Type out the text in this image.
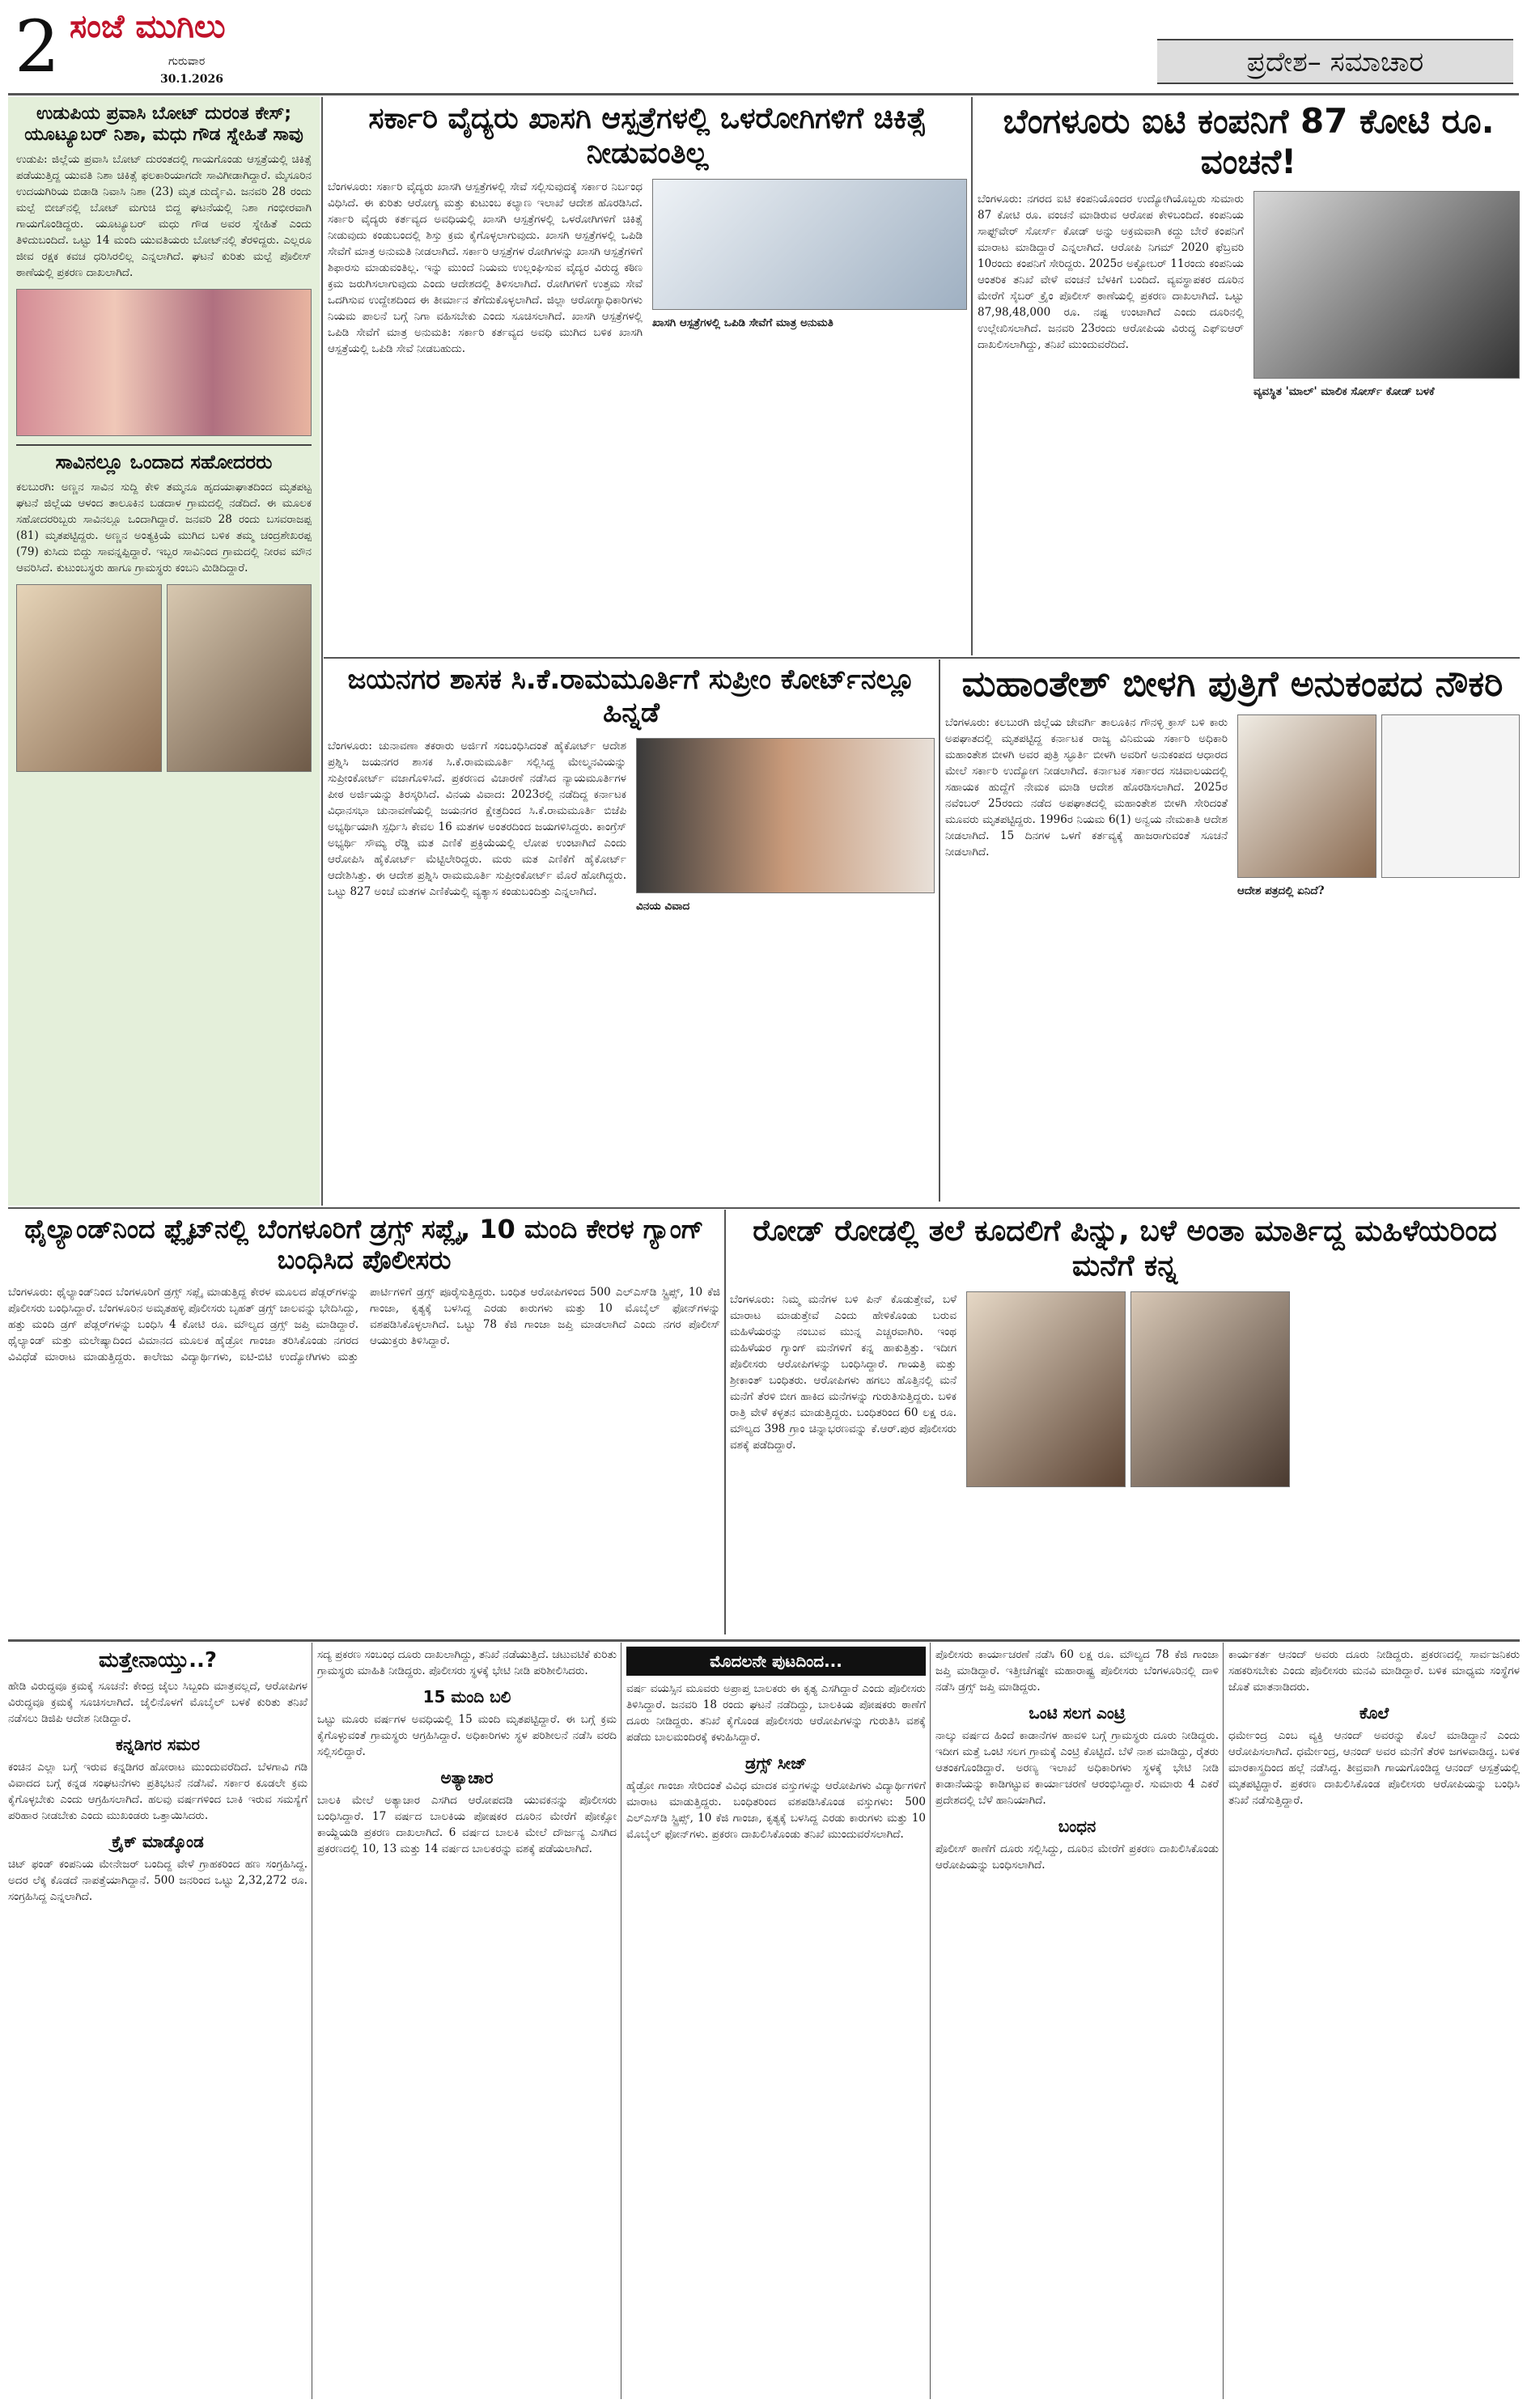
2 ಸಂಜೆ ಮುಗಿಲು
ಗುರುವಾರ
30.1.2026
ಪ್ರದೇಶ– ಸಮಾಚಾರ
ಉಡುಪಿಯ ಪ್ರವಾಸಿ ಬೋಟ್ ದುರಂತ ಕೇಸ್; ಯೂಟ್ಯೂಬರ್ ನಿಶಾ, ಮಧು ಗೌಡ ಸ್ನೇಹಿತೆ ಸಾವು
ಉಡುಪಿ: ಜಿಲ್ಲೆಯ ಪ್ರವಾಸಿ ಬೋಟ್ ದುರಂತದಲ್ಲಿ ಗಾಯಗೊಂಡು ಆಸ್ಪತ್ರೆಯಲ್ಲಿ ಚಿಕಿತ್ಸೆ ಪಡೆಯುತ್ತಿದ್ದ ಯುವತಿ ನಿಶಾ ಚಿಕಿತ್ಸೆ ಫಲಕಾರಿಯಾಗದೇ ಸಾವಿಗೀಡಾಗಿದ್ದಾರೆ. ಮೈಸೂರಿನ ಉದಯಗಿರಿಯ ಬಿಡಾಡಿ ನಿವಾಸಿ ನಿಶಾ (23) ಮೃತ ದುರ್ದೈವಿ. ಜನವರಿ 28 ರಂದು ಮಲ್ಪೆ ಬೀಚ್‌ನಲ್ಲಿ ಬೋಟ್ ಮಗುಚಿ ಬಿದ್ದ ಘಟನೆಯಲ್ಲಿ ನಿಶಾ ಗಂಭೀರವಾಗಿ ಗಾಯಗೊಂಡಿದ್ದರು. ಯೂಟ್ಯೂಬರ್ ಮಧು ಗೌಡ ಅವರ ಸ್ನೇಹಿತೆ ಎಂದು ತಿಳಿದುಬಂದಿದೆ. ಒಟ್ಟು 14 ಮಂದಿ ಯುವತಿಯರು ಬೋಟ್‌ನಲ್ಲಿ ತೆರಳಿದ್ದರು. ಎಲ್ಲರೂ ಜೀವ ರಕ್ಷಕ ಕವಚ ಧರಿಸಿರಲಿಲ್ಲ ಎನ್ನಲಾಗಿದೆ. ಘಟನೆ ಕುರಿತು ಮಲ್ಪೆ ಪೊಲೀಸ್ ಠಾಣೆಯಲ್ಲಿ ಪ್ರಕರಣ ದಾಖಲಾಗಿದೆ.
ಸಾವಿನಲ್ಲೂ ಒಂದಾದ ಸಹೋದರರು
ಕಲಬುರಗಿ: ಅಣ್ಣನ ಸಾವಿನ ಸುದ್ದಿ ಕೇಳಿ ತಮ್ಮನೂ ಹೃದಯಾಘಾತದಿಂದ ಮೃತಪಟ್ಟ ಘಟನೆ ಜಿಲ್ಲೆಯ ಆಳಂದ ತಾಲೂಕಿನ ಬಡದಾಳ ಗ್ರಾಮದಲ್ಲಿ ನಡೆದಿದೆ. ಈ ಮೂಲಕ ಸಹೋದರರಿಬ್ಬರು ಸಾವಿನಲ್ಲೂ ಒಂದಾಗಿದ್ದಾರೆ. ಜನವರಿ 28 ರಂದು ಬಸವರಾಜಪ್ಪ (81) ಮೃತಪಟ್ಟಿದ್ದರು. ಅಣ್ಣನ ಅಂತ್ಯಕ್ರಿಯೆ ಮುಗಿದ ಬಳಿಕ ತಮ್ಮ ಚಂದ್ರಶೇಖರಪ್ಪ (79) ಕುಸಿದು ಬಿದ್ದು ಸಾವನ್ನಪ್ಪಿದ್ದಾರೆ. ಇಬ್ಬರ ಸಾವಿನಿಂದ ಗ್ರಾಮದಲ್ಲಿ ನೀರವ ಮೌನ ಆವರಿಸಿದೆ. ಕುಟುಂಬಸ್ಥರು ಹಾಗೂ ಗ್ರಾಮಸ್ಥರು ಕಂಬನಿ ಮಿಡಿದಿದ್ದಾರೆ.
ಸರ್ಕಾರಿ ವೈದ್ಯರು ಖಾಸಗಿ ಆಸ್ಪತ್ರೆಗಳಲ್ಲಿ ಒಳರೋಗಿಗಳಿಗೆ ಚಿಕಿತ್ಸೆ ನೀಡುವಂತಿಲ್ಲ
ಬೆಂಗಳೂರು: ಸರ್ಕಾರಿ ವೈದ್ಯರು ಖಾಸಗಿ ಆಸ್ಪತ್ರೆಗಳಲ್ಲಿ ಸೇವೆ ಸಲ್ಲಿಸುವುದಕ್ಕೆ ಸರ್ಕಾರ ನಿರ್ಬಂಧ ವಿಧಿಸಿದೆ. ಈ ಕುರಿತು ಆರೋಗ್ಯ ಮತ್ತು ಕುಟುಂಬ ಕಲ್ಯಾಣ ಇಲಾಖೆ ಆದೇಶ ಹೊರಡಿಸಿದೆ. ಸರ್ಕಾರಿ ವೈದ್ಯರು ಕರ್ತವ್ಯದ ಅವಧಿಯಲ್ಲಿ ಖಾಸಗಿ ಆಸ್ಪತ್ರೆಗಳಲ್ಲಿ ಒಳರೋಗಿಗಳಿಗೆ ಚಿಕಿತ್ಸೆ ನೀಡುವುದು ಕಂಡುಬಂದಲ್ಲಿ ಶಿಸ್ತು ಕ್ರಮ ಕೈಗೊಳ್ಳಲಾಗುವುದು. ಖಾಸಗಿ ಆಸ್ಪತ್ರೆಗಳಲ್ಲಿ ಒಪಿಡಿ ಸೇವೆಗೆ ಮಾತ್ರ ಅನುಮತಿ ನೀಡಲಾಗಿದೆ. ಸರ್ಕಾರಿ ಆಸ್ಪತ್ರೆಗಳ ರೋಗಿಗಳನ್ನು ಖಾಸಗಿ ಆಸ್ಪತ್ರೆಗಳಿಗೆ ಶಿಫಾರಸು ಮಾಡುವಂತಿಲ್ಲ. ಇನ್ನು ಮುಂದೆ ನಿಯಮ ಉಲ್ಲಂಘಿಸುವ ವೈದ್ಯರ ವಿರುದ್ಧ ಕಠಿಣ ಕ್ರಮ ಜರುಗಿಸಲಾಗುವುದು ಎಂದು ಆದೇಶದಲ್ಲಿ ತಿಳಿಸಲಾಗಿದೆ. ರೋಗಿಗಳಿಗೆ ಉತ್ತಮ ಸೇವೆ ಒದಗಿಸುವ ಉದ್ದೇಶದಿಂದ ಈ ತೀರ್ಮಾನ ತೆಗೆದುಕೊಳ್ಳಲಾಗಿದೆ. ಜಿಲ್ಲಾ ಆರೋಗ್ಯಾಧಿಕಾರಿಗಳು ನಿಯಮ ಪಾಲನೆ ಬಗ್ಗೆ ನಿಗಾ ವಹಿಸಬೇಕು ಎಂದು ಸೂಚಿಸಲಾಗಿದೆ. ಖಾಸಗಿ ಆಸ್ಪತ್ರೆಗಳಲ್ಲಿ ಒಪಿಡಿ ಸೇವೆಗೆ ಮಾತ್ರ ಅನುಮತಿ: ಸರ್ಕಾರಿ ಕರ್ತವ್ಯದ ಅವಧಿ ಮುಗಿದ ಬಳಿಕ ಖಾಸಗಿ ಆಸ್ಪತ್ರೆಯಲ್ಲಿ ಒಪಿಡಿ ಸೇವೆ ನೀಡಬಹುದು.
ಖಾಸಗಿ ಆಸ್ಪತ್ರೆಗಳಲ್ಲಿ ಒಪಿಡಿ ಸೇವೆಗೆ ಮಾತ್ರ ಅನುಮತಿ
ಬೆಂಗಳೂರು ಐಟಿ ಕಂಪನಿಗೆ 87 ಕೋಟಿ ರೂ. ವಂಚನೆ!
ಬೆಂಗಳೂರು: ನಗರದ ಐಟಿ ಕಂಪನಿಯೊಂದರ ಉದ್ಯೋಗಿಯೊಬ್ಬರು ಸುಮಾರು 87 ಕೋಟಿ ರೂ. ವಂಚನೆ ಮಾಡಿರುವ ಆರೋಪ ಕೇಳಿಬಂದಿದೆ. ಕಂಪನಿಯ ಸಾಫ್ಟ್‌ವೇರ್ ಸೋರ್ಸ್ ಕೋಡ್ ಅನ್ನು ಅಕ್ರಮವಾಗಿ ಕದ್ದು ಬೇರೆ ಕಂಪನಿಗೆ ಮಾರಾಟ ಮಾಡಿದ್ದಾರೆ ಎನ್ನಲಾಗಿದೆ. ಆರೋಪಿ ನಿಗಮ್ 2020 ಫೆಬ್ರವರಿ 10ರಂದು ಕಂಪನಿಗೆ ಸೇರಿದ್ದರು. 2025ರ ಅಕ್ಟೋಬರ್ 11ರಂದು ಕಂಪನಿಯ ಆಂತರಿಕ ತನಿಖೆ ವೇಳೆ ವಂಚನೆ ಬೆಳಕಿಗೆ ಬಂದಿದೆ. ವ್ಯವಸ್ಥಾಪಕರ ದೂರಿನ ಮೇರೆಗೆ ಸೈಬರ್ ಕ್ರೈಂ ಪೊಲೀಸ್ ಠಾಣೆಯಲ್ಲಿ ಪ್ರಕರಣ ದಾಖಲಾಗಿದೆ. ಒಟ್ಟು 87,98,48,000 ರೂ. ನಷ್ಟ ಉಂಟಾಗಿದೆ ಎಂದು ದೂರಿನಲ್ಲಿ ಉಲ್ಲೇಖಿಸಲಾಗಿದೆ. ಜನವರಿ 23ರಂದು ಆರೋಪಿಯ ವಿರುದ್ಧ ಎಫ್ಐಆರ್ ದಾಖಲಿಸಲಾಗಿದ್ದು, ತನಿಖೆ ಮುಂದುವರೆದಿದೆ.
ವ್ಯವಸ್ಥಿತ 'ಮಾಲ್' ಮಾಲಿಕ ಸೋರ್ಸ್ ಕೋಡ್ ಬಳಕೆ
ಜಯನಗರ ಶಾಸಕ ಸಿ.ಕೆ.ರಾಮಮೂರ್ತಿಗೆ ಸುಪ್ರೀಂ ಕೋರ್ಟ್‌ನಲ್ಲೂ ಹಿನ್ನಡೆ
ಬೆಂಗಳೂರು: ಚುನಾವಣಾ ತಕರಾರು ಅರ್ಜಿಗೆ ಸಂಬಂಧಿಸಿದಂತೆ ಹೈಕೋರ್ಟ್ ಆದೇಶ ಪ್ರಶ್ನಿಸಿ ಜಯನಗರ ಶಾಸಕ ಸಿ.ಕೆ.ರಾಮಮೂರ್ತಿ ಸಲ್ಲಿಸಿದ್ದ ಮೇಲ್ಮನವಿಯನ್ನು ಸುಪ್ರೀಂಕೋರ್ಟ್ ವಜಾಗೊಳಿಸಿದೆ. ಪ್ರಕರಣದ ವಿಚಾರಣೆ ನಡೆಸಿದ ನ್ಯಾಯಮೂರ್ತಿಗಳ ಪೀಠ ಅರ್ಜಿಯನ್ನು ತಿರಸ್ಕರಿಸಿದೆ. ವಿನಯ ವಿವಾದ: 2023ರಲ್ಲಿ ನಡೆದಿದ್ದ ಕರ್ನಾಟಕ ವಿಧಾನಸಭಾ ಚುನಾವಣೆಯಲ್ಲಿ ಜಯನಗರ ಕ್ಷೇತ್ರದಿಂದ ಸಿ.ಕೆ.ರಾಮಮೂರ್ತಿ ಬಿಜೆಪಿ ಅಭ್ಯರ್ಥಿಯಾಗಿ ಸ್ಪರ್ಧಿಸಿ ಕೇವಲ 16 ಮತಗಳ ಅಂತರದಿಂದ ಜಯಗಳಿಸಿದ್ದರು. ಕಾಂಗ್ರೆಸ್ ಅಭ್ಯರ್ಥಿ ಸೌಮ್ಯ ರೆಡ್ಡಿ ಮತ ಎಣಿಕೆ ಪ್ರಕ್ರಿಯೆಯಲ್ಲಿ ಲೋಪ ಉಂಟಾಗಿದೆ ಎಂದು ಆರೋಪಿಸಿ ಹೈಕೋರ್ಟ್ ಮೆಟ್ಟಿಲೇರಿದ್ದರು. ಮರು ಮತ ಎಣಿಕೆಗೆ ಹೈಕೋರ್ಟ್ ಆದೇಶಿಸಿತ್ತು. ಈ ಆದೇಶ ಪ್ರಶ್ನಿಸಿ ರಾಮಮೂರ್ತಿ ಸುಪ್ರೀಂಕೋರ್ಟ್ ಮೊರೆ ಹೋಗಿದ್ದರು. ಒಟ್ಟು 827 ಅಂಚೆ ಮತಗಳ ಎಣಿಕೆಯಲ್ಲಿ ವ್ಯತ್ಯಾಸ ಕಂಡುಬಂದಿತ್ತು ಎನ್ನಲಾಗಿದೆ.
ವಿನಯ ವಿವಾದ
ಮಹಾಂತೇಶ್ ಬೀಳಗಿ ಪುತ್ರಿಗೆ ಅನುಕಂಪದ ನೌಕರಿ
ಬೆಂಗಳೂರು: ಕಲಬುರಗಿ ಜಿಲ್ಲೆಯ ಜೇವರ್ಗಿ ತಾಲೂಕಿನ ಗೌನಳ್ಳಿ ಕ್ರಾಸ್ ಬಳಿ ಕಾರು ಅಪಘಾತದಲ್ಲಿ ಮೃತಪಟ್ಟಿದ್ದ ಕರ್ನಾಟಕ ರಾಜ್ಯ ವಿನಿಮಯ ಸರ್ಕಾರಿ ಅಧಿಕಾರಿ ಮಹಾಂತೇಶ ಬೀಳಗಿ ಅವರ ಪುತ್ರಿ ಸ್ಫೂರ್ತಿ ಬೀಳಗಿ ಅವರಿಗೆ ಅನುಕಂಪದ ಆಧಾರದ ಮೇಲೆ ಸರ್ಕಾರಿ ಉದ್ಯೋಗ ನೀಡಲಾಗಿದೆ. ಕರ್ನಾಟಕ ಸರ್ಕಾರದ ಸಚಿವಾಲಯದಲ್ಲಿ ಸಹಾಯಕ ಹುದ್ದೆಗೆ ನೇಮಕ ಮಾಡಿ ಆದೇಶ ಹೊರಡಿಸಲಾಗಿದೆ. 2025ರ ನವೆಂಬರ್ 25ರಂದು ನಡೆದ ಅಪಘಾತದಲ್ಲಿ ಮಹಾಂತೇಶ ಬೀಳಗಿ ಸೇರಿದಂತೆ ಮೂವರು ಮೃತಪಟ್ಟಿದ್ದರು. 1996ರ ನಿಯಮ 6(1) ಅನ್ವಯ ನೇಮಕಾತಿ ಆದೇಶ ನೀಡಲಾಗಿದೆ. 15 ದಿನಗಳ ಒಳಗೆ ಕರ್ತವ್ಯಕ್ಕೆ ಹಾಜರಾಗುವಂತೆ ಸೂಚನೆ ನೀಡಲಾಗಿದೆ.
ಆದೇಶ ಪತ್ರದಲ್ಲಿ ಏನಿದೆ?
ಥೈಲ್ಯಾಂಡ್‌ನಿಂದ ಫ್ಲೈಟ್‌ನಲ್ಲಿ ಬೆಂಗಳೂರಿಗೆ ಡ್ರಗ್ಸ್ ಸಪ್ಲೈ, 10 ಮಂದಿ ಕೇರಳ ಗ್ಯಾಂಗ್ ಬಂಧಿಸಿದ ಪೊಲೀಸರು
ಬೆಂಗಳೂರು: ಥೈಲ್ಯಾಂಡ್‌ನಿಂದ ಬೆಂಗಳೂರಿಗೆ ಡ್ರಗ್ಸ್ ಸಪ್ಲೈ ಮಾಡುತ್ತಿದ್ದ ಕೇರಳ ಮೂಲದ ಪೆಡ್ಲರ್‌ಗಳನ್ನು ಪೊಲೀಸರು ಬಂಧಿಸಿದ್ದಾರೆ. ಬೆಂಗಳೂರಿನ ಅಮೃತಹಳ್ಳಿ ಪೊಲೀಸರು ಬೃಹತ್ ಡ್ರಗ್ಸ್ ಜಾಲವನ್ನು ಭೇದಿಸಿದ್ದು, ಹತ್ತು ಮಂದಿ ಡ್ರಗ್ ಪೆಡ್ಲರ್‌ಗಳನ್ನು ಬಂಧಿಸಿ 4 ಕೋಟಿ ರೂ. ಮೌಲ್ಯದ ಡ್ರಗ್ಸ್ ಜಪ್ತಿ ಮಾಡಿದ್ದಾರೆ. ಥೈಲ್ಯಾಂಡ್ ಮತ್ತು ಮಲೇಷ್ಯಾದಿಂದ ವಿಮಾನದ ಮೂಲಕ ಹೈಡ್ರೋ ಗಾಂಜಾ ತರಿಸಿಕೊಂಡು ನಗರದ ವಿವಿಧೆಡೆ ಮಾರಾಟ ಮಾಡುತ್ತಿದ್ದರು. ಕಾಲೇಜು ವಿದ್ಯಾರ್ಥಿಗಳು, ಐಟಿ-ಬಿಟಿ ಉದ್ಯೋಗಿಗಳು ಮತ್ತು ಪಾರ್ಟಿಗಳಿಗೆ ಡ್ರಗ್ಸ್ ಪೂರೈಸುತ್ತಿದ್ದರು. ಬಂಧಿತ ಆರೋಪಿಗಳಿಂದ 500 ಎಲ್‌ಎಸ್‌ಡಿ ಸ್ಟ್ರಿಪ್ಸ್, 10 ಕೆಜಿ ಗಾಂಜಾ, ಕೃತ್ಯಕ್ಕೆ ಬಳಸಿದ್ದ ಎರಡು ಕಾರುಗಳು ಮತ್ತು 10 ಮೊಬೈಲ್ ಫೋನ್‌ಗಳನ್ನು ವಶಪಡಿಸಿಕೊಳ್ಳಲಾಗಿದೆ. ಒಟ್ಟು 78 ಕೆಜಿ ಗಾಂಜಾ ಜಪ್ತಿ ಮಾಡಲಾಗಿದೆ ಎಂದು ನಗರ ಪೊಲೀಸ್ ಆಯುಕ್ತರು ತಿಳಿಸಿದ್ದಾರೆ.
ರೋಡ್ ರೋಡಲ್ಲಿ ತಲೆ ಕೂದಲಿಗೆ ಪಿನ್ನು, ಬಳೆ ಅಂತಾ ಮಾರ್ತಿದ್ದ ಮಹಿಳೆಯರಿಂದ ಮನೆಗೆ ಕನ್ನ
ಬೆಂಗಳೂರು: ನಿಮ್ಮ ಮನೆಗಳ ಬಳಿ ಪಿನ್ ಕೊಡುತ್ತೇವೆ, ಬಳೆ ಮಾರಾಟ ಮಾಡುತ್ತೇವೆ ಎಂದು ಹೇಳಿಕೊಂಡು ಬರುವ ಮಹಿಳೆಯರನ್ನು ನಂಬುವ ಮುನ್ನ ಎಚ್ಚರವಾಗಿರಿ. ಇಂಥ ಮಹಿಳೆಯರ ಗ್ಯಾಂಗ್ ಮನೆಗಳಿಗೆ ಕನ್ನ ಹಾಕುತ್ತಿತ್ತು. ಇದೀಗ ಪೊಲೀಸರು ಆರೋಪಿಗಳನ್ನು ಬಂಧಿಸಿದ್ದಾರೆ. ಗಾಯತ್ರಿ ಮತ್ತು ಶ್ರೀಕಾಂತ್ ಬಂಧಿತರು. ಆರೋಪಿಗಳು ಹಗಲು ಹೊತ್ತಿನಲ್ಲಿ ಮನೆ ಮನೆಗೆ ತೆರಳಿ ಬೀಗ ಹಾಕಿದ ಮನೆಗಳನ್ನು ಗುರುತಿಸುತ್ತಿದ್ದರು. ಬಳಿಕ ರಾತ್ರಿ ವೇಳೆ ಕಳ್ಳತನ ಮಾಡುತ್ತಿದ್ದರು. ಬಂಧಿತರಿಂದ 60 ಲಕ್ಷ ರೂ. ಮೌಲ್ಯದ 398 ಗ್ರಾಂ ಚಿನ್ನಾಭರಣವನ್ನು ಕೆ.ಆರ್.ಪುರ ಪೊಲೀಸರು ವಶಕ್ಕೆ ಪಡೆದಿದ್ದಾರೆ.
ಮತ್ತೇನಾಯ್ತು..?
ಹೇಡಿ ವಿರುದ್ಧವೂ ಕ್ರಮಕ್ಕೆ ಸೂಚನೆ: ಕೇಂದ್ರ ಜೈಲು ಸಿಬ್ಬಂದಿ ಮಾತ್ರವಲ್ಲದೆ, ಆರೋಪಿಗಳ ವಿರುದ್ಧವೂ ಕ್ರಮಕ್ಕೆ ಸೂಚಿಸಲಾಗಿದೆ. ಜೈಲಿನೊಳಗೆ ಮೊಬೈಲ್ ಬಳಕೆ ಕುರಿತು ತನಿಖೆ ನಡೆಸಲು ಡಿಜಿಪಿ ಆದೇಶ ನೀಡಿದ್ದಾರೆ.
ಕನ್ನಡಿಗರ ಸಮರ
ಕಂಚಿನ ಎಲ್ಲಾ ಬಗ್ಗೆ ಇರುವ ಕನ್ನಡಿಗರ ಹೋರಾಟ ಮುಂದುವರೆದಿದೆ. ಬೆಳಗಾವಿ ಗಡಿ ವಿವಾದದ ಬಗ್ಗೆ ಕನ್ನಡ ಸಂಘಟನೆಗಳು ಪ್ರತಿಭಟನೆ ನಡೆಸಿವೆ. ಸರ್ಕಾರ ಕೂಡಲೇ ಕ್ರಮ ಕೈಗೊಳ್ಳಬೇಕು ಎಂದು ಆಗ್ರಹಿಸಲಾಗಿದೆ. ಹಲವು ವರ್ಷಗಳಿಂದ ಬಾಕಿ ಇರುವ ಸಮಸ್ಯೆಗೆ ಪರಿಹಾರ ನೀಡಬೇಕು ಎಂದು ಮುಖಂಡರು ಒತ್ತಾಯಿಸಿದರು.
ಕ್ರೈಕ್ ಮಾಡ್ಕೊಂಡ
ಚಿಟ್ ಫಂಡ್ ಕಂಪನಿಯ ಮೇನೇಜರ್ ಬಂದಿದ್ದ ವೇಳೆ ಗ್ರಾಹಕರಿಂದ ಹಣ ಸಂಗ್ರಹಿಸಿದ್ದ. ಅದರ ಲೆಕ್ಕ ಕೊಡದೆ ನಾಪತ್ತೆಯಾಗಿದ್ದಾನೆ. 500 ಜನರಿಂದ ಒಟ್ಟು 2,32,272 ರೂ. ಸಂಗ್ರಹಿಸಿದ್ದ ಎನ್ನಲಾಗಿದೆ.
ಸದ್ಯ ಪ್ರಕರಣ ಸಂಬಂಧ ದೂರು ದಾಖಲಾಗಿದ್ದು, ತನಿಖೆ ನಡೆಯುತ್ತಿದೆ. ಚಟುವಟಿಕೆ ಕುರಿತು ಗ್ರಾಮಸ್ಥರು ಮಾಹಿತಿ ನೀಡಿದ್ದರು. ಪೊಲೀಸರು ಸ್ಥಳಕ್ಕೆ ಭೇಟಿ ನೀಡಿ ಪರಿಶೀಲಿಸಿದರು.
15 ಮಂದಿ ಬಲಿ
ಒಟ್ಟು ಮೂರು ವರ್ಷಗಳ ಅವಧಿಯಲ್ಲಿ 15 ಮಂದಿ ಮೃತಪಟ್ಟಿದ್ದಾರೆ. ಈ ಬಗ್ಗೆ ಕ್ರಮ ಕೈಗೊಳ್ಳುವಂತೆ ಗ್ರಾಮಸ್ಥರು ಆಗ್ರಹಿಸಿದ್ದಾರೆ. ಅಧಿಕಾರಿಗಳು ಸ್ಥಳ ಪರಿಶೀಲನೆ ನಡೆಸಿ ವರದಿ ಸಲ್ಲಿಸಲಿದ್ದಾರೆ.
ಅತ್ಯಾಚಾರ
ಬಾಲಕಿ ಮೇಲೆ ಅತ್ಯಾಚಾರ ಎಸಗಿದ ಆರೋಪದಡಿ ಯುವಕನನ್ನು ಪೊಲೀಸರು ಬಂಧಿಸಿದ್ದಾರೆ. 17 ವರ್ಷದ ಬಾಲಕಿಯ ಪೋಷಕರ ದೂರಿನ ಮೇರೆಗೆ ಪೋಕ್ಸೋ ಕಾಯ್ದೆಯಡಿ ಪ್ರಕರಣ ದಾಖಲಾಗಿದೆ. 6 ವರ್ಷದ ಬಾಲಕಿ ಮೇಲೆ ದೌರ್ಜನ್ಯ ಎಸಗಿದ ಪ್ರಕರಣದಲ್ಲಿ 10, 13 ಮತ್ತು 14 ವರ್ಷದ ಬಾಲಕರನ್ನು ವಶಕ್ಕೆ ಪಡೆಯಲಾಗಿದೆ.
ಮೊದಲನೇ ಪುಟದಿಂದ...
ವರ್ಷ ವಯಸ್ಸಿನ ಮೂವರು ಅಪ್ರಾಪ್ತ ಬಾಲಕರು ಈ ಕೃತ್ಯ ಎಸಗಿದ್ದಾರೆ ಎಂದು ಪೊಲೀಸರು ತಿಳಿಸಿದ್ದಾರೆ. ಜನವರಿ 18 ರಂದು ಘಟನೆ ನಡೆದಿದ್ದು, ಬಾಲಕಿಯ ಪೋಷಕರು ಠಾಣೆಗೆ ದೂರು ನೀಡಿದ್ದರು. ತನಿಖೆ ಕೈಗೊಂಡ ಪೊಲೀಸರು ಆರೋಪಿಗಳನ್ನು ಗುರುತಿಸಿ ವಶಕ್ಕೆ ಪಡೆದು ಬಾಲಮಂದಿರಕ್ಕೆ ಕಳುಹಿಸಿದ್ದಾರೆ.
ಡ್ರಗ್ಸ್ ಸೀಜ್
ಹೈಡ್ರೋ ಗಾಂಜಾ ಸೇರಿದಂತೆ ವಿವಿಧ ಮಾದಕ ವಸ್ತುಗಳನ್ನು ಆರೋಪಿಗಳು ವಿದ್ಯಾರ್ಥಿಗಳಿಗೆ ಮಾರಾಟ ಮಾಡುತ್ತಿದ್ದರು. ಬಂಧಿತರಿಂದ ವಶಪಡಿಸಿಕೊಂಡ ವಸ್ತುಗಳು: 500 ಎಲ್‌ಎಸ್‌ಡಿ ಸ್ಟ್ರಿಪ್ಸ್, 10 ಕೆಜಿ ಗಾಂಜಾ, ಕೃತ್ಯಕ್ಕೆ ಬಳಸಿದ್ದ ಎರಡು ಕಾರುಗಳು ಮತ್ತು 10 ಮೊಬೈಲ್ ಫೋನ್‌ಗಳು. ಪ್ರಕರಣ ದಾಖಲಿಸಿಕೊಂಡು ತನಿಖೆ ಮುಂದುವರೆಸಲಾಗಿದೆ.
ಪೊಲೀಸರು ಕಾರ್ಯಾಚರಣೆ ನಡೆಸಿ 60 ಲಕ್ಷ ರೂ. ಮೌಲ್ಯದ 78 ಕೆಜಿ ಗಾಂಜಾ ಜಪ್ತಿ ಮಾಡಿದ್ದಾರೆ. ಇತ್ತೀಚೆಗಷ್ಟೇ ಮಹಾರಾಷ್ಟ್ರ ಪೊಲೀಸರು ಬೆಂಗಳೂರಿನಲ್ಲಿ ದಾಳಿ ನಡೆಸಿ ಡ್ರಗ್ಸ್ ಜಪ್ತಿ ಮಾಡಿದ್ದರು.
ಒಂಟಿ ಸಲಗ ಎಂಟ್ರಿ
ನಾಲ್ಕು ವರ್ಷದ ಹಿಂದೆ ಕಾಡಾನೆಗಳ ಹಾವಳಿ ಬಗ್ಗೆ ಗ್ರಾಮಸ್ಥರು ದೂರು ನೀಡಿದ್ದರು. ಇದೀಗ ಮತ್ತೆ ಒಂಟಿ ಸಲಗ ಗ್ರಾಮಕ್ಕೆ ಎಂಟ್ರಿ ಕೊಟ್ಟಿದೆ. ಬೆಳೆ ನಾಶ ಮಾಡಿದ್ದು, ರೈತರು ಆತಂಕಗೊಂಡಿದ್ದಾರೆ. ಅರಣ್ಯ ಇಲಾಖೆ ಅಧಿಕಾರಿಗಳು ಸ್ಥಳಕ್ಕೆ ಭೇಟಿ ನೀಡಿ ಕಾಡಾನೆಯನ್ನು ಕಾಡಿಗಟ್ಟುವ ಕಾರ್ಯಾಚರಣೆ ಆರಂಭಿಸಿದ್ದಾರೆ. ಸುಮಾರು 4 ಎಕರೆ ಪ್ರದೇಶದಲ್ಲಿ ಬೆಳೆ ಹಾನಿಯಾಗಿದೆ.
ಬಂಧನ
ಪೊಲೀಸ್ ಠಾಣೆಗೆ ದೂರು ಸಲ್ಲಿಸಿದ್ದು, ದೂರಿನ ಮೇರೆಗೆ ಪ್ರಕರಣ ದಾಖಲಿಸಿಕೊಂಡು ಆರೋಪಿಯನ್ನು ಬಂಧಿಸಲಾಗಿದೆ.
ಕಾರ್ಯಕರ್ತ ಆನಂದ್ ಅವರು ದೂರು ನೀಡಿದ್ದರು. ಪ್ರಕರಣದಲ್ಲಿ ಸಾರ್ವಜನಿಕರು ಸಹಕರಿಸಬೇಕು ಎಂದು ಪೊಲೀಸರು ಮನವಿ ಮಾಡಿದ್ದಾರೆ. ಬಳಿಕ ಮಾಧ್ಯಮ ಸಂಸ್ಥೆಗಳ ಜೊತೆ ಮಾತನಾಡಿದರು.
ಕೊಲೆ
ಧರ್ಮೇಂದ್ರ ಎಂಬ ವ್ಯಕ್ತಿ ಆನಂದ್ ಅವರನ್ನು ಕೊಲೆ ಮಾಡಿದ್ದಾನೆ ಎಂದು ಆರೋಪಿಸಲಾಗಿದೆ. ಧರ್ಮೇಂದ್ರ, ಆನಂದ್ ಅವರ ಮನೆಗೆ ತೆರಳಿ ಜಗಳವಾಡಿದ್ದ. ಬಳಿಕ ಮಾರಕಾಸ್ತ್ರದಿಂದ ಹಲ್ಲೆ ನಡೆಸಿದ್ದ. ತೀವ್ರವಾಗಿ ಗಾಯಗೊಂಡಿದ್ದ ಆನಂದ್ ಆಸ್ಪತ್ರೆಯಲ್ಲಿ ಮೃತಪಟ್ಟಿದ್ದಾರೆ. ಪ್ರಕರಣ ದಾಖಲಿಸಿಕೊಂಡ ಪೊಲೀಸರು ಆರೋಪಿಯನ್ನು ಬಂಧಿಸಿ ತನಿಖೆ ನಡೆಸುತ್ತಿದ್ದಾರೆ.
